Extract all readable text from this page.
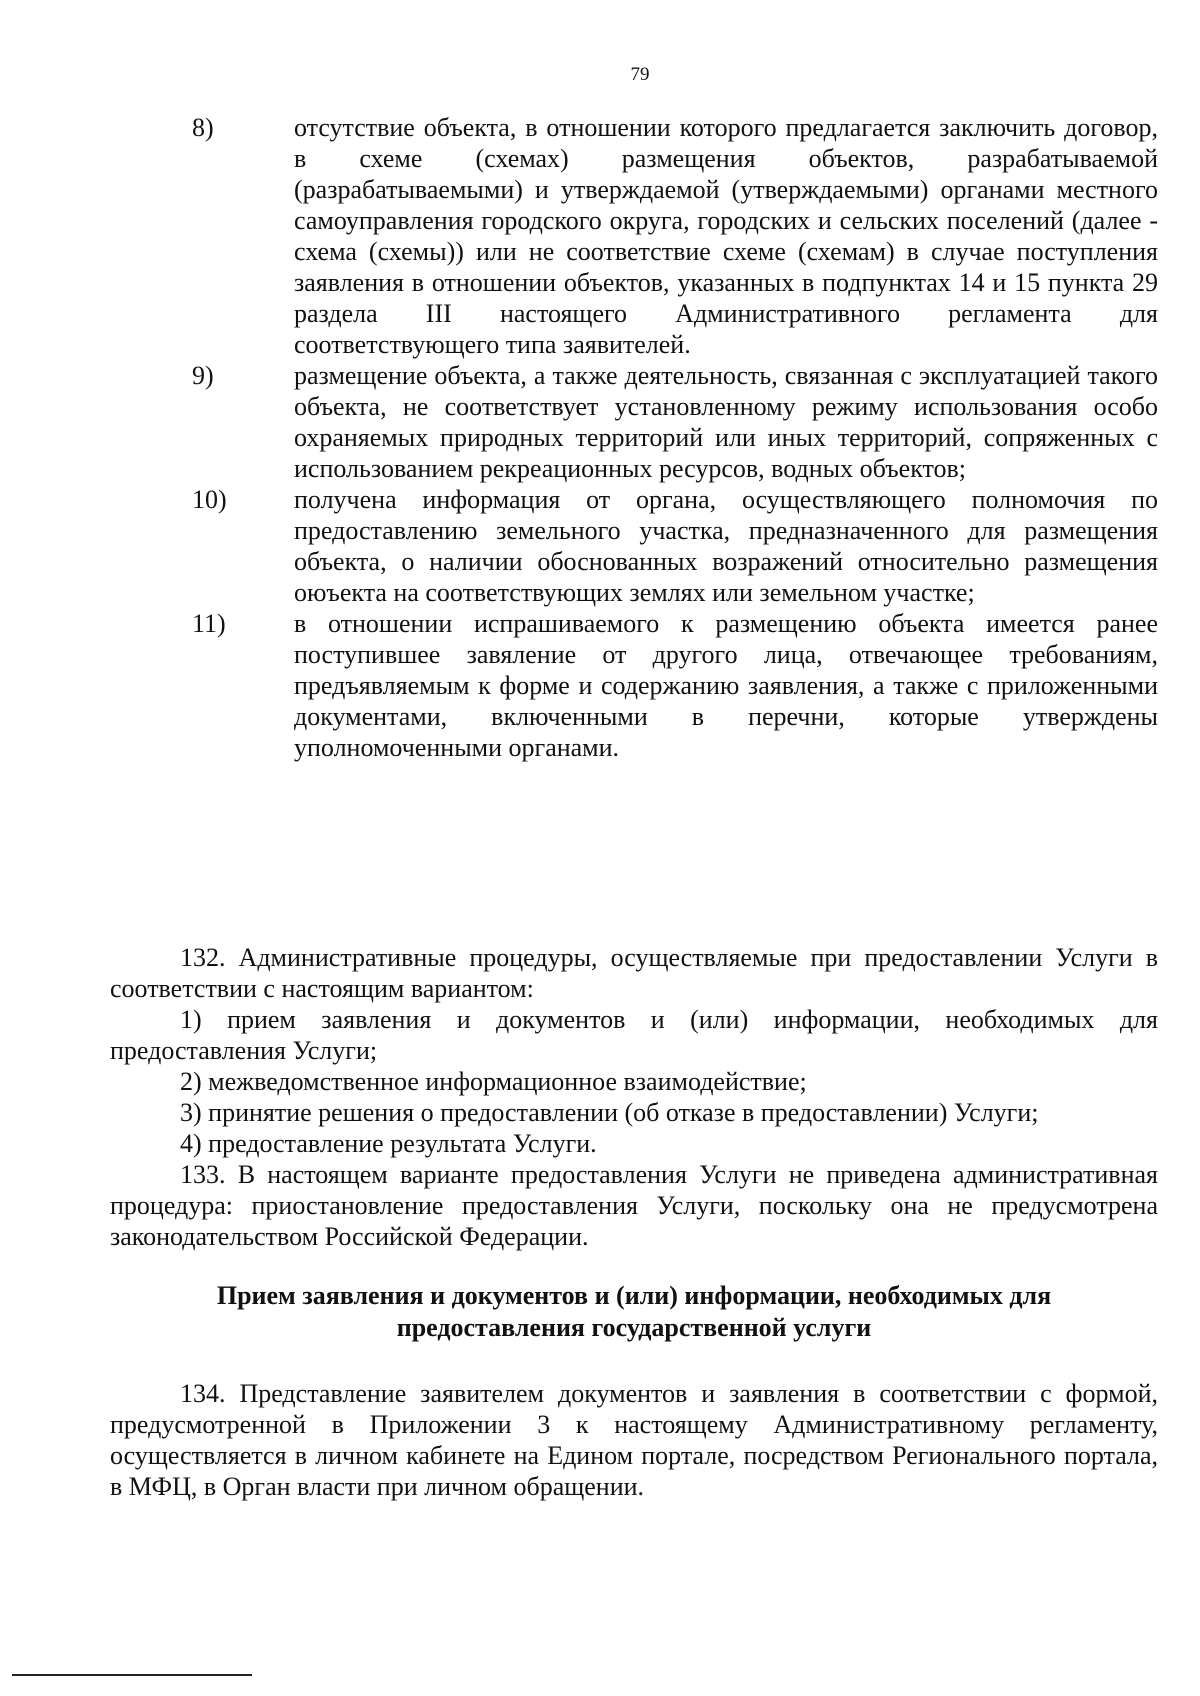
79
8)	отсутствие объекта, в отношении которого предлагается заключить договор, в схеме (схемах) размещения объектов, разрабатываемой (разрабатываемыми) и утверждаемой (утверждаемыми) органами местного самоуправления городского округа, городских и сельских поселений (далее - схема (схемы)) или не соответствие схеме (схемам) в случае поступления заявления в отношении объектов, указанных в подпунктах 14 и 15 пункта 29 раздела III настоящего Административного регламента для соответствующего типа заявителей.
9)	размещение объекта, а также деятельность, связанная с эксплуатацией такого объекта, не соответствует установленному режиму использования особо охраняемых природных территорий или иных территорий, сопряженных с использованием рекреационных ресурсов, водных объектов;
10)	получена информация от органа, осуществляющего полномочия по предоставлению земельного участка, предназначенного для размещения объекта, о наличии обоснованных возражений относительно размещения оюъекта на соответствующих землях или земельном участке;
11)	в отношении испрашиваемого к размещению объекта имеется ранее поступившее завяление от другого лица, отвечающее требованиям, предъявляемым к форме и содержанию заявления, а также с приложенными документами, включенными в перечни, которые утверждены уполномоченными органами.

132. Административные процедуры, осуществляемые при предоставлении Услуги в соответствии с настоящим вариантом:

1) прием заявления и документов и (или) информации, необходимых для предоставления Услуги;

2) межведомственное информационное взаимодействие;

3) принятие решения о предоставлении (об отказе в предоставлении) Услуги;

4) предоставление результата Услуги.

133. В настоящем варианте предоставления Услуги не приведена административная процедура: приостановление предоставления Услуги, поскольку она не предусмотрена законодательством Российской Федерации.

Прием заявления и документов и (или) информации, необходимых для
предоставления государственной услуги

134. Представление заявителем документов и заявления в соответствии с формой, предусмотренной в Приложении 3 к настоящему Административному регламенту, осуществляется в личном кабинете на Едином портале, посредством Регионального портала, в МФЦ, в Орган власти при личном обращении.
